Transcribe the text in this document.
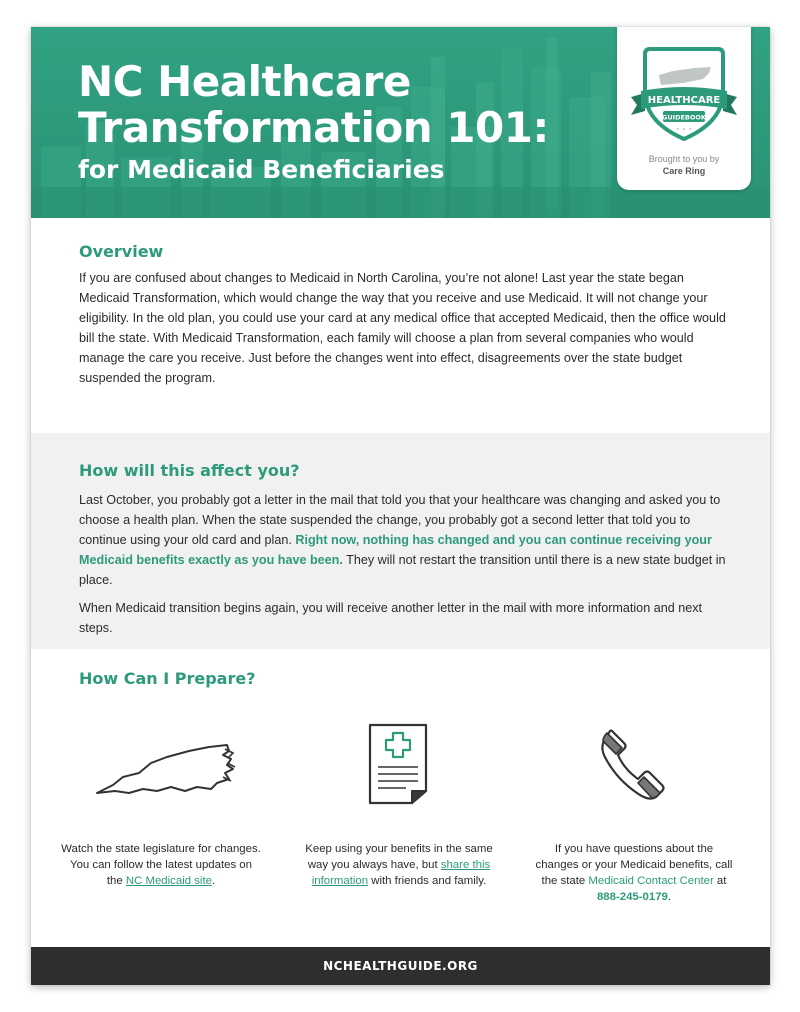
NC Healthcare
Transformation 101:
for Medicaid Beneficiaries
HEALTHCARE
GUIDEBOOK
Brought to you by
Care Ring
Overview

If you are confused about changes to Medicaid in North Carolina, you’re not alone! Last year the state began Medicaid Transformation, which would change the way that you receive and use Medicaid. It will not change your eligibility. In the old plan, you could use your card at any medical office that accepted Medicaid, then the office would bill the state. With Medicaid Transformation, each family will choose a plan from several companies who would manage the care you receive. Just before the changes went into effect, disagreements over the state budget suspended the program.

How will this affect you?

Last October, you probably got a letter in the mail that told you that your healthcare was changing and asked you to choose a health plan. When the state suspended the change, you probably got a second letter that told you to continue using your old card and plan. Right now, nothing has changed and you can continue receiving your Medicaid benefits exactly as you have been. They will not restart the transition until there is a new state budget in place.

When Medicaid transition begins again, you will receive another letter in the mail with more information and next steps.

How Can I Prepare?
Watch the state legislature for changes. You can follow the latest updates on the NC Medicaid site.
Keep using your benefits in the same way you always have, but share this information with friends and family.
If you have questions about the changes or your Medicaid benefits, call the state Medicaid Contact Center at 888-245-0179.
NCHEALTHGUIDE.ORG
